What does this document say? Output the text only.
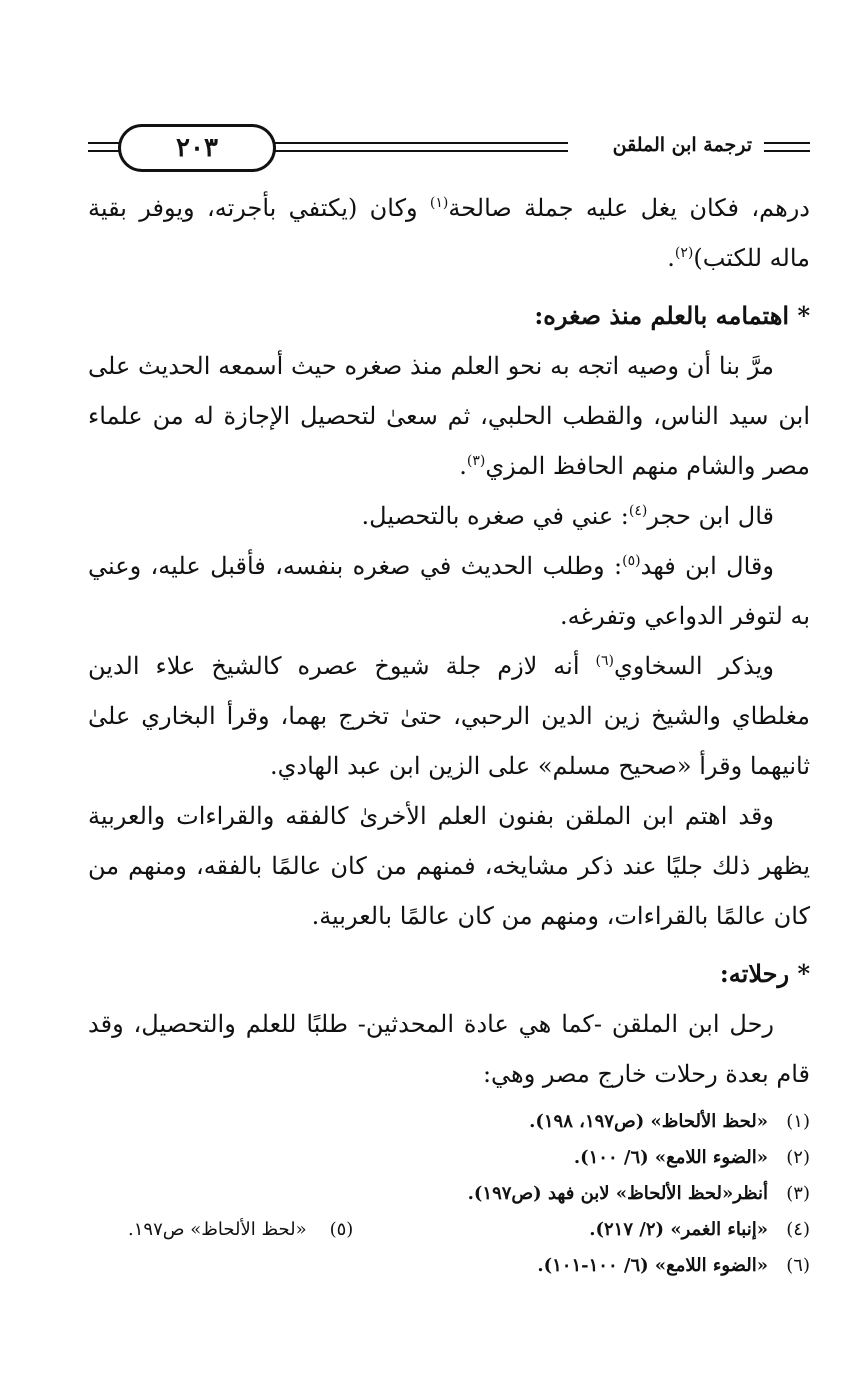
٢٠٣	ترجمة ابن الملقن

درهم، فكان يغل عليه جملة صالحة$^{(١)}$ وكان (يكتفي بأجرته، ويوفر بقية ماله للكتب)$^{(٢)}$.

* اهتمامه بالعلم منذ صغره:

مرَّ بنا أن وصيه اتجه به نحو العلم منذ صغره حيث أسمعه الحديث على ابن سيد الناس، والقطب الحلبي، ثم سعىٰ لتحصيل الإجازة له من علماء مصر والشام منهم الحافظ المزي$^{(٣)}$.

قال ابن حجر$^{(٤)}$: عني في صغره بالتحصيل.

وقال ابن فهد$^{(٥)}$: وطلب الحديث في صغره بنفسه، فأقبل عليه، وعني به لتوفر الدواعي وتفرغه.

ويذكر السخاوي$^{(٦)}$ أنه لازم جلة شيوخ عصره كالشيخ علاء الدين مغلطاي والشيخ زين الدين الرحبي، حتىٰ تخرج بهما، وقرأ البخاري علىٰ ثانيهما وقرأ «صحيح مسلم» على الزين ابن عبد الهادي.

وقد اهتم ابن الملقن بفنون العلم الأخرىٰ كالفقه والقراءات والعربية يظهر ذلك جليًا عند ذكر مشايخه، فمنهم من كان عالمًا بالفقه، ومنهم من كان عالمًا بالقراءات، ومنهم من كان عالمًا بالعربية.

* رحلاته:

رحل ابن الملقن -كما هي عادة المحدثين- طلبًا للعلم والتحصيل، وقد قام بعدة رحلات خارج مصر وهي:

(١)«لحظ الألحاظ» (ص١٩٧، ١٩٨).
(٢)«الضوء اللامع» (٦/ ١٠٠).
(٣)أنظر«لحظ الألحاظ» لابن فهد (ص١٩٧).
(٤)«إنباء الغمر» (٢/ ٢١٧).
(٥)    «لحظ الألحاظ» ص١٩٧.
(٦)«الضوء اللامع» (٦/ ١٠٠-١٠١).
